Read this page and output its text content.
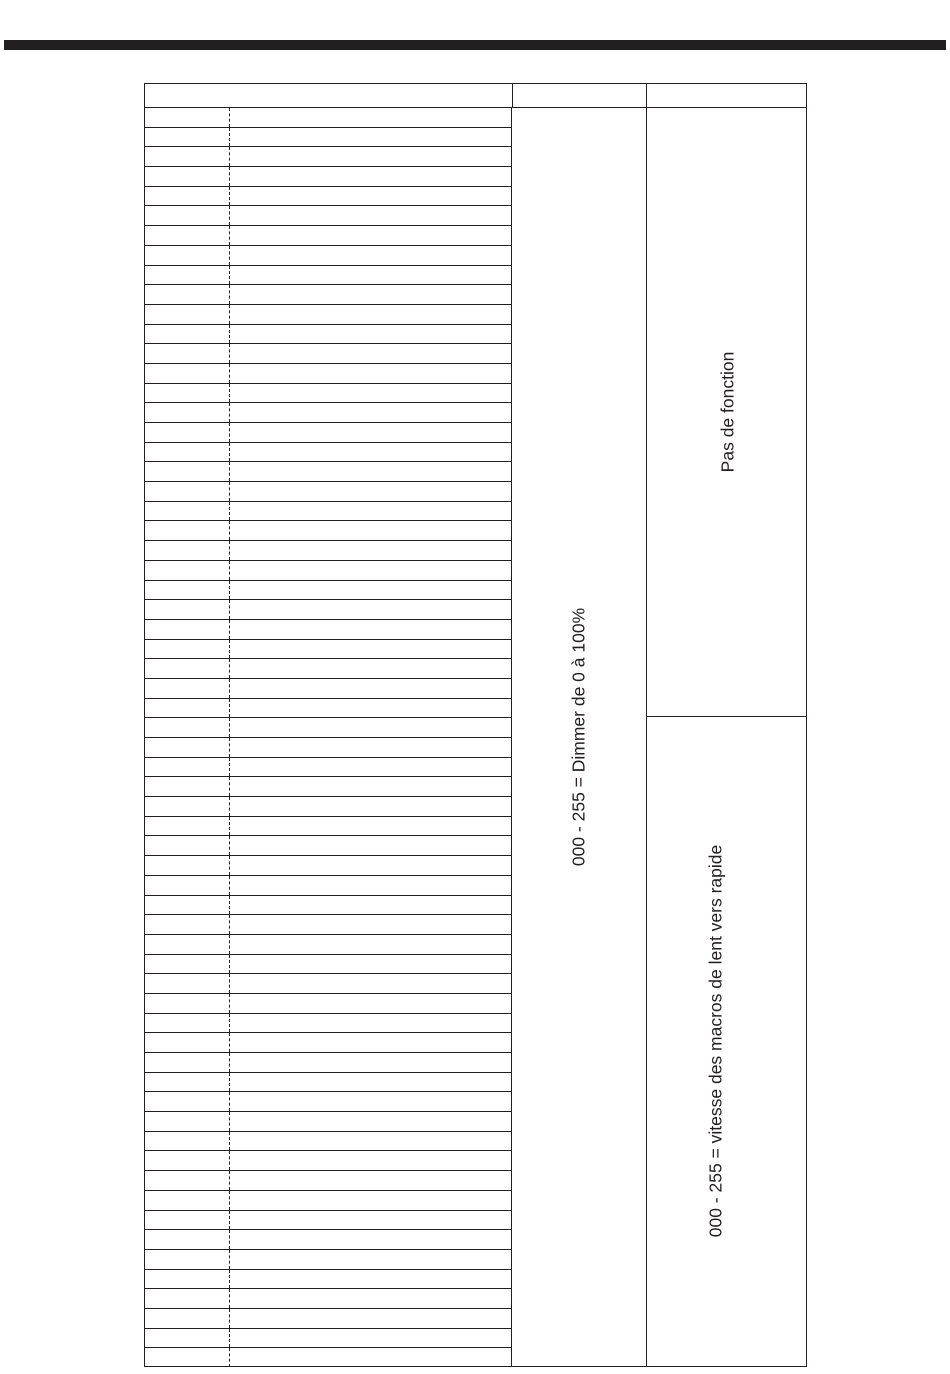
000 - 255 = Dimmer de 0 à 100%
Pas de fonction
000 - 255 = vitesse des macros de lent vers rapide
